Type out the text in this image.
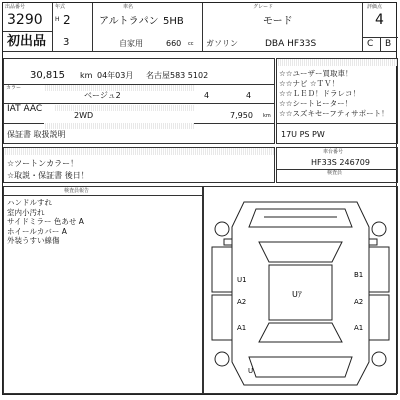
出品番号
3290
初出品
年式
H 2
3
車名
アルトラパン 5HB
自家用	660 cc
グレード
モード
ガソリン	DBA HF33S
評価点
4
C B
30,815 km 04年03月 名古屋583 5102
カラー
ベージュ2	4	4
IAT AAC
2WD	7,950 km
保証書 取扱説明
☆☆ユーザー買取車！
☆☆ナビ ☆ＴＶ！
☆☆ＬＥＤ！ドラレコ！
☆☆シートヒーター！
☆☆スズキセーフティサポート！
17U PS PW
☆ツートンカラー！
☆取説・保証書 後日！
車台番号
HF33S 246709
検査員
検査員報告
ハンドルすれ
室内小汚れ
サイドミラー 色あせ A
ホイールカバー A
外装うすい線傷
U1
A2
A1
Uｱ
B1
A2
A1
U
